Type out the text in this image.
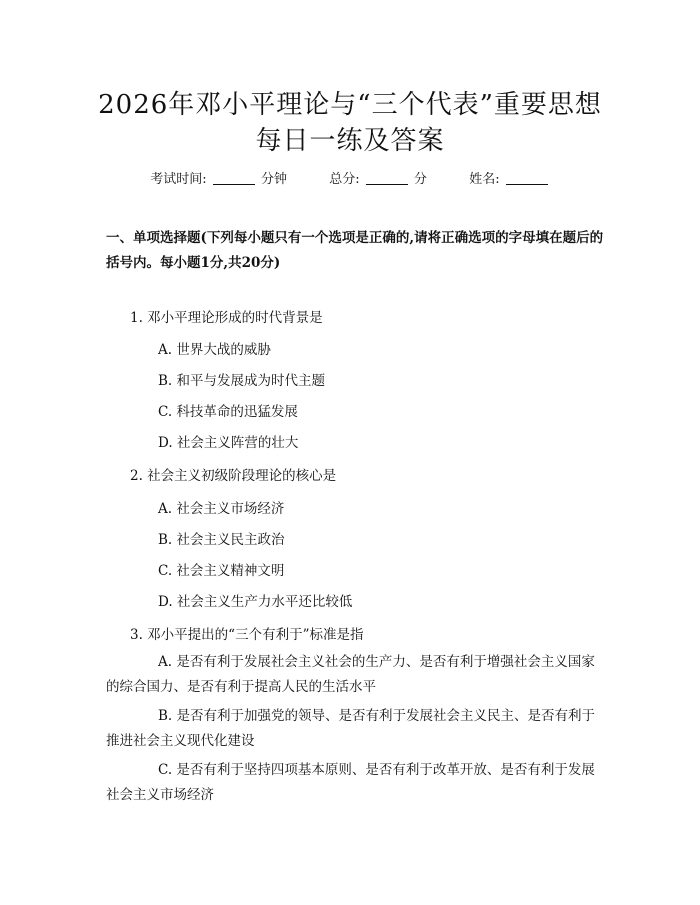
2026年邓小平理论与“三个代表”重要思想
每日一练及答案
考试时间:	分钟	总分:	分	姓名:

一、单项选择题(下列每小题只有一个选项是正确的,请将正确选项的字母填在题后的括号内。每小题1分,共20分)

1. 邓小平理论形成的时代背景是
A. 世界大战的威胁
B. 和平与发展成为时代主题
C. 科技革命的迅猛发展
D. 社会主义阵营的壮大
2. 社会主义初级阶段理论的核心是
A. 社会主义市场经济
B. 社会主义民主政治
C. 社会主义精神文明
D. 社会主义生产力水平还比较低
3. 邓小平提出的“三个有利于”标准是指

A. 是否有利于发展社会主义社会的生产力、是否有利于增强社会主义国家的综合国力、是否有利于提高人民的生活水平

B. 是否有利于加强党的领导、是否有利于发展社会主义民主、是否有利于推进社会主义现代化建设

C. 是否有利于坚持四项基本原则、是否有利于改革开放、是否有利于发展社会主义市场经济
